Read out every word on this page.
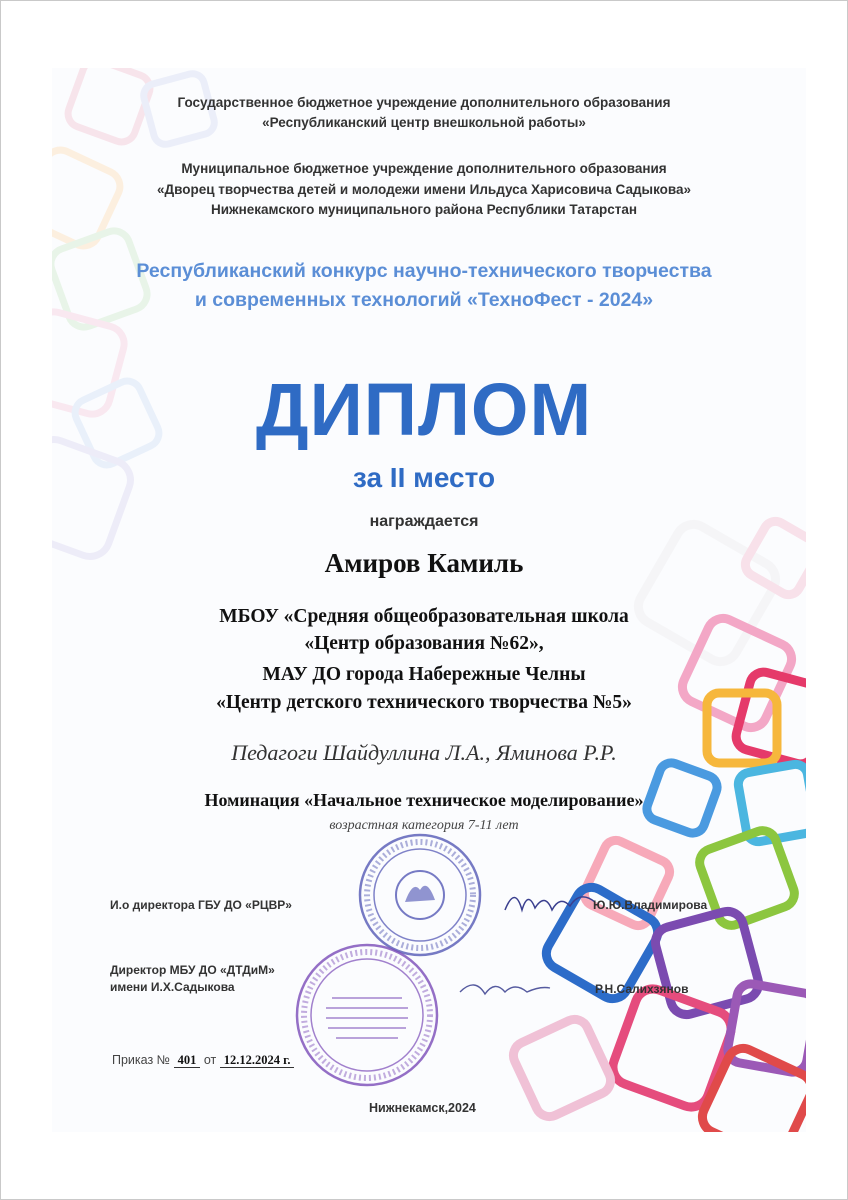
Государственное бюджетное учреждение дополнительного образования
«Республиканский центр внешкольной работы»
Муниципальное бюджетное учреждение дополнительного образования
«Дворец творчества детей и молодежи имени Ильдуса Харисовича Садыкова»
Нижнекамского муниципального района Республики Татарстан
Республиканский конкурс научно-технического творчества
и современных технологий «ТехноФест - 2024»
ДИПЛОМ
за II место
награждается
Амиров Камиль
МБОУ «Средняя общеобразовательная школа
«Центр образования №62»,
МАУ ДО города Набережные Челны
«Центр детского технического творчества №5»
Педагоги Шайдуллина Л.А., Яминова Р.Р.
Номинация «Начальное техническое моделирование»
возрастная категория 7-11 лет
И.о директора ГБУ ДО «РЦВР»	Ю.Ю.Владимирова
Директор МБУ ДО «ДТДиМ»
имени И.Х.Садыкова	Р.Н.Салихзянов
Приказ № 401 от 12.12.2024 г.
Нижнекамск,2024
